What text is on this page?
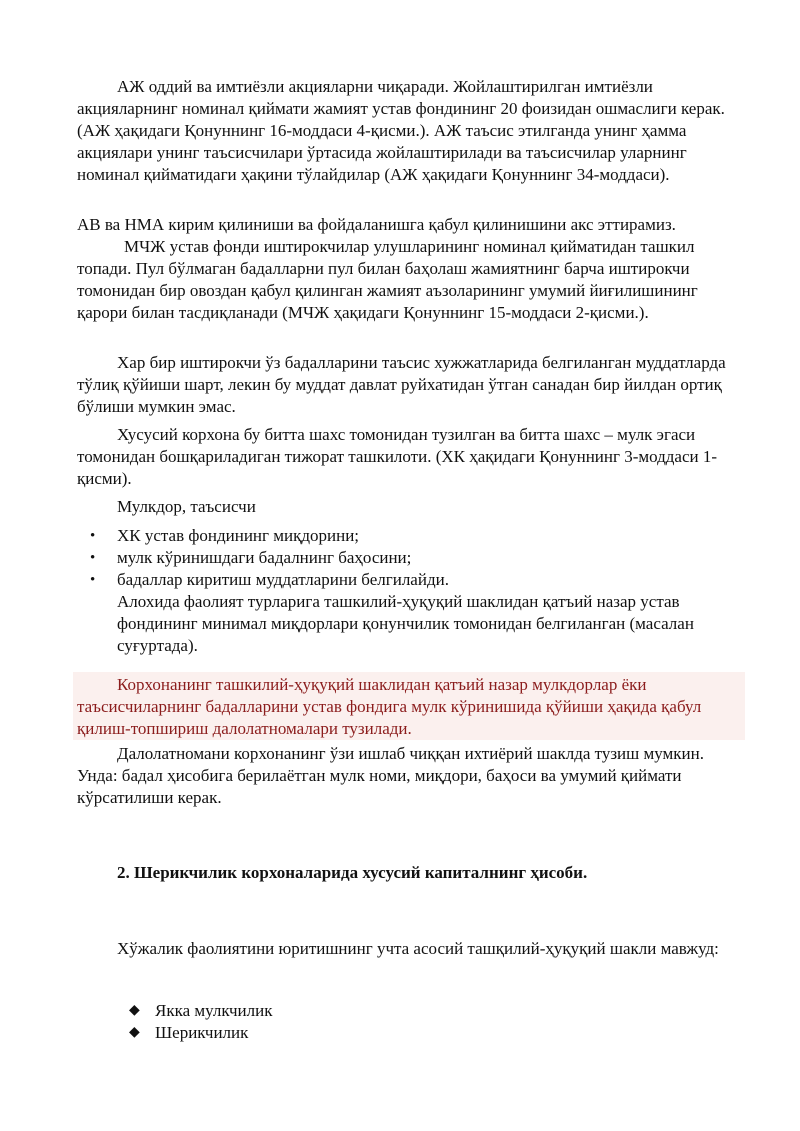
АЖ оддий ва имтиёзли акцияларни чиқаради. Жойлаштирилган имтиёзли акцияларнинг номинал қиймати жамият устав фондининг 20 фоизидан ошмаслиги керак. (АЖ ҳақидаги Қонуннинг 16-моддаси 4-қисми.). АЖ таъсис этилганда унинг ҳамма акциялари унинг таъсисчилари ўртасида жойлаштирилади ва таъсисчилар уларнинг номинал қийматидаги ҳақини тўлайдилар (АЖ ҳақидаги Қонуннинг 34-моддаси).

АВ ва НМА кирим қилиниши ва фойдаланишга қабул қилинишини акс эттирамиз.

МЧЖ устав фонди иштирокчилар улушларининг номинал қийматидан ташкил топади. Пул бўлмаган бадалларни пул билан баҳолаш жамиятнинг барча иштирокчи томонидан бир овоздан қабул қилинган жамият аъзоларининг умумий йиғилишининг қарори билан тасдиқланади (МЧЖ ҳақидаги Қонуннинг 15-моддаси 2-қисми.).

Хар бир иштирокчи ўз бадалларини таъсис хужжатларида белгиланган муддатларда тўлиқ қўйиши шарт, лекин бу муддат давлат руйхатидан ўтган санадан бир йилдан ортиқ бўлиши мумкин эмас.

Хусусий корхона бу битта шахс томонидан тузилган ва битта шахс – мулк эгаси томонидан бошқариладиган тижорат ташкилоти. (ХК ҳақидаги Қонуннинг 3-моддаси 1-қисми).

Мулкдор, таъсисчи

• ХК устав фондининг миқдорини;
• мулк кўринишдаги бадалнинг баҳосини;
• бадаллар киритиш муддатларини белгилайди.

Алохида фаолият турларига ташкилий-ҳуқуқий шаклидан қатъий назар устав фондининг минимал миқдорлари қонунчилик томонидан белгиланган (масалан суғуртада).

Корхонанинг ташкилий-ҳуқуқий шаклидан қатъий назар мулкдорлар ёки таъсисчиларнинг бадалларини устав фондига мулк кўринишида қўйиши ҳақида қабул қилиш-топшириш далолатномалари тузилади.

Далолатномани корхонанинг ўзи ишлаб чиққан ихтиёрий шаклда тузиш мумкин. Унда: бадал ҳисобига берилаётган мулк номи, миқдори, баҳоси ва умумий қиймати кўрсатилиши керак.

2. Шерикчилик корхоналарида хусусий капиталнинг ҳисоби.

Хўжалик фаолиятини юритишнинг учта асосий ташқилий-ҳуқуқий шакли мавжуд:

◆ Якка мулкчилик
◆ Шерикчилик
